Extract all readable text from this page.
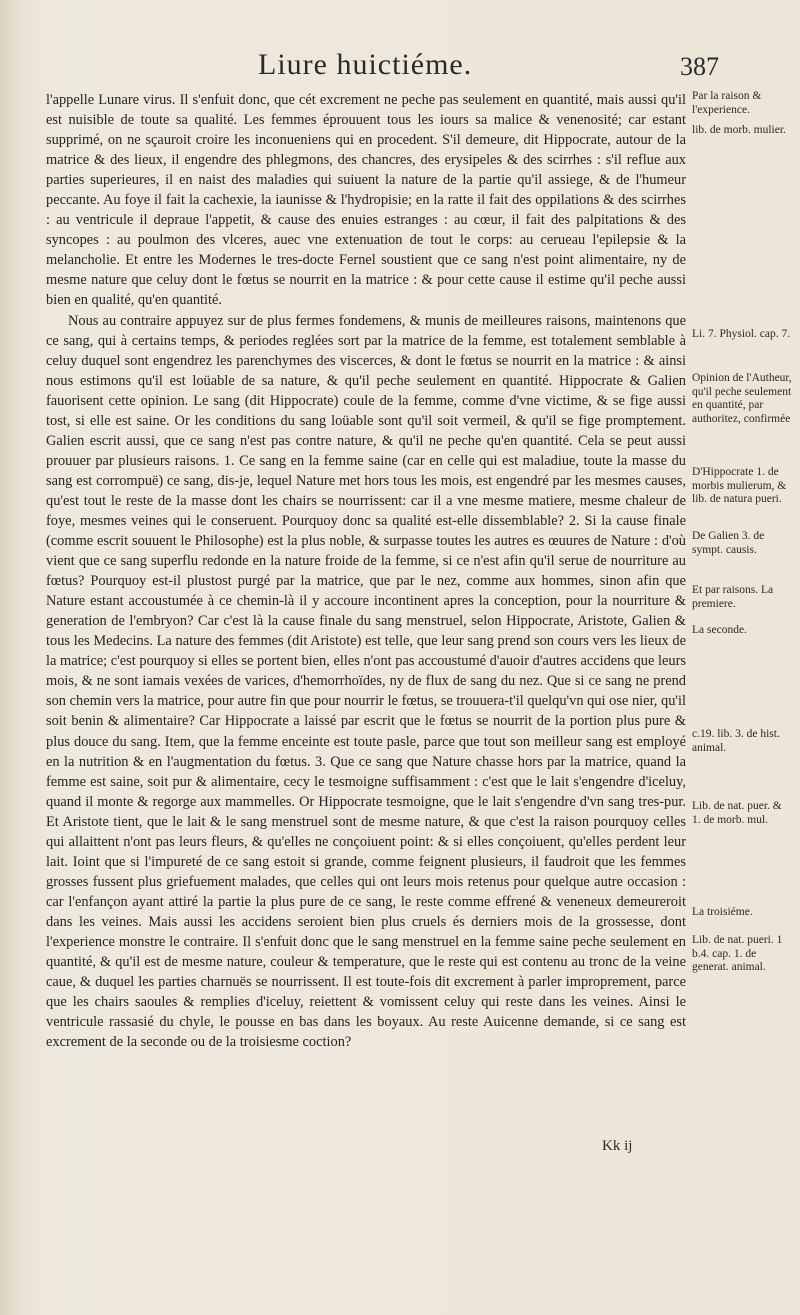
Liure huictiéme.	387

l'appelle Lunare virus. Il s'enfuit donc, que cét excrement ne peche pas seulement en quantité, mais aussi qu'il est nuisible de toute sa qualité. Les femmes éprouuent tous les iours sa malice & venenosité; car estant supprimé, on ne sçauroit croire les inconueniens qui en procedent. S'il demeure, dit Hippocrate, autour de la matrice & des lieux, il engendre des phlegmons, des chancres, des erysipeles & des scirrhes : s'il reflue aux parties superieures, il en naist des maladies qui suiuent la nature de la partie qu'il assiege, & de l'humeur peccante. Au foye il fait la cachexie, la iaunisse & l'hydropisie; en la ratte il fait des oppilations & des scirrhes : au ventricule il depraue l'appetit, & cause des enuies estranges : au cœur, il fait des palpitations & des syncopes : au poulmon des vlceres, auec vne extenuation de tout le corps: au cerueau l'epilepsie & la melancholie. Et entre les Modernes le tres-docte Fernel soustient que ce sang n'est point alimentaire, ny de mesme nature que celuy dont le fœtus se nourrit en la matrice : & pour cette cause il estime qu'il peche aussi bien en qualité, qu'en quantité.

Nous au contraire appuyez sur de plus fermes fondemens, & munis de meilleures raisons, maintenons que ce sang, qui à certains temps, & periodes reglées sort par la matrice de la femme, est totalement semblable à celuy duquel sont engendrez les parenchymes des viscerces, & dont le fœtus se nourrit en la matrice : & ainsi nous estimons qu'il est loüable de sa nature, & qu'il peche seulement en quantité. Hippocrate & Galien fauorisent cette opinion. Le sang (dit Hippocrate) coule de la femme, comme d'vne victime, & se fige aussi tost, si elle est saine. Or les conditions du sang loüable sont qu'il soit vermeil, & qu'il se fige promptement. Galien escrit aussi, que ce sang n'est pas contre nature, & qu'il ne peche qu'en quantité. Cela se peut aussi prouuer par plusieurs raisons. 1. Ce sang en la femme saine (car en celle qui est maladiue, toute la masse du sang est corrompuë) ce sang, dis-je, lequel Nature met hors tous les mois, est engendré par les mesmes causes, qu'est tout le reste de la masse dont les chairs se nourrissent: car il a vne mesme matiere, mesme chaleur de foye, mesmes veines qui le conseruent. Pourquoy donc sa qualité est-elle dissemblable? 2. Si la cause finale (comme escrit souuent le Philosophe) est la plus noble, & surpasse toutes les autres es œuures de Nature : d'où vient que ce sang superflu redonde en la nature froide de la femme, si ce n'est afin qu'il serue de nourriture au fœtus? Pourquoy est-il plustost purgé par la matrice, que par le nez, comme aux hommes, sinon afin que Nature estant accoustumée à ce chemin-là il y accoure incontinent apres la conception, pour la nourriture & generation de l'embryon? Car c'est là la cause finale du sang menstruel, selon Hippocrate, Aristote, Galien & tous les Medecins. La nature des femmes (dit Aristote) est telle, que leur sang prend son cours vers les lieux de la matrice; c'est pourquoy si elles se portent bien, elles n'ont pas accoustumé d'auoir d'autres accidens que leurs mois, & ne sont iamais vexées de varices, d'hemorrhoïdes, ny de flux de sang du nez. Que si ce sang ne prend son chemin vers la matrice, pour autre fin que pour nourrir le fœtus, se trouuera-t'il quelqu'vn qui ose nier, qu'il soit benin & alimentaire? Car Hippocrate a laissé par escrit que le fœtus se nourrit de la portion plus pure & plus douce du sang. Item, que la femme enceinte est toute pasle, parce que tout son meilleur sang est employé en la nutrition & en l'augmentation du fœtus. 3. Que ce sang que Nature chasse hors par la matrice, quand la femme est saine, soit pur & alimentaire, cecy le tesmoigne suffisamment : c'est que le lait s'engendre d'iceluy, quand il monte & regorge aux mammelles. Or Hippocrate tesmoigne, que le lait s'engendre d'vn sang tres-pur. Et Aristote tient, que le lait & le sang menstruel sont de mesme nature, & que c'est la raison pourquoy celles qui allaittent n'ont pas leurs fleurs, & qu'elles ne conçoiuent point: & si elles conçoiuent, qu'elles perdent leur lait. Ioint que si l'impureté de ce sang estoit si grande, comme feignent plusieurs, il faudroit que les femmes grosses fussent plus griefuement malades, que celles qui ont leurs mois retenus pour quelque autre occasion : car l'enfançon ayant attiré la partie la plus pure de ce sang, le reste comme effrené & veneneux demeureroit dans les veines. Mais aussi les accidens seroient bien plus cruels és derniers mois de la grossesse, dont l'experience monstre le contraire. Il s'enfuit donc que le sang menstruel en la femme saine peche seulement en quantité, & qu'il est de mesme nature, couleur & temperature, que le reste qui est contenu au tronc de la veine caue, & duquel les parties charnuës se nourrissent. Il est toute-fois dit excrement à parler improprement, parce que les chairs saoules & remplies d'iceluy, reiettent & vomissent celuy qui reste dans les veines. Ainsi le ventricule rassasié du chyle, le pousse en bas dans les boyaux. Au reste Auicenne demande, si ce sang est excrement de la seconde ou de la troisiesme coction?

Par la raison & l'experience.
lib. de morb. mulier.
Li. 7. Physiol. cap. 7.
Opinion de l'Autheur, qu'il peche seulement en quantité, par authoritez, confirmée
D'Hippocrate 1. de morbis mulierum, & lib. de natura pueri.
De Galien 3. de sympt. causis.
Et par raisons. La premiere.
La seconde.
c.19. lib. 3. de hist. animal.
Lib. de nat. puer. & 1. de morb. mul.
La troisiéme.
Lib. de nat. pueri. 1 b.4. cap. 1. de generat. animal.
Kk ij
